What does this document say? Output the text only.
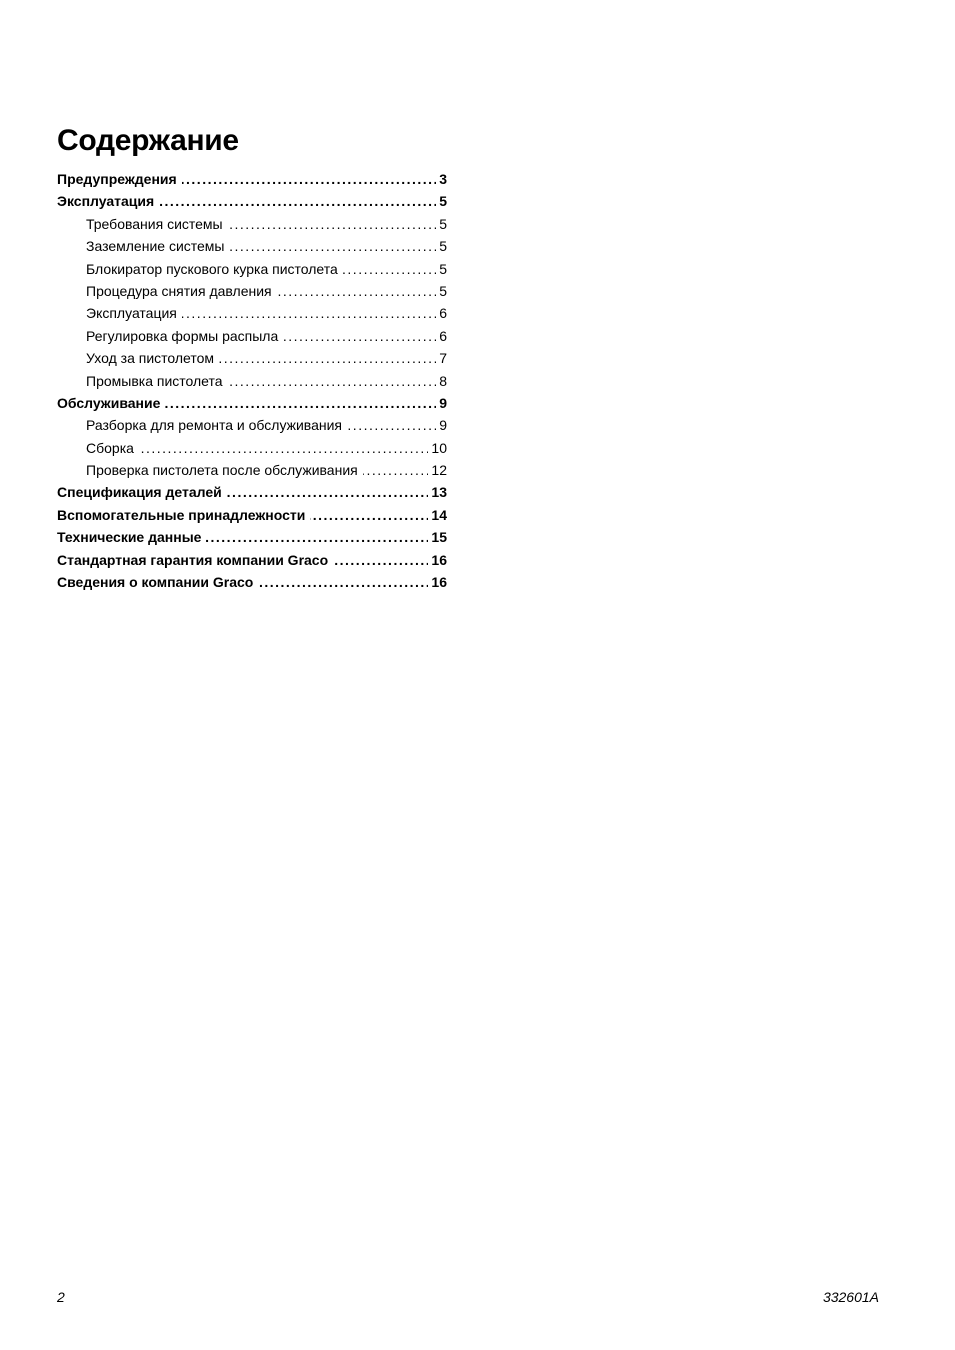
Содержание
Предупреждения . . .	3
Эксплуатация . . .	5
Требования системы . . .	5
Заземление системы . . .	5
Блокиратор пускового курка пистолета . . .	5
Процедура снятия давления . . .	5
Эксплуатация . . .	6
Регулировка формы распыла . . .	6
Уход за пистолетом . . .	7
Промывка пистолета . . .	8
Обслуживание . . .	9
Разборка для ремонта и обслуживания . . .	9
Сборка . . .	10
Проверка пистолета после обслуживания . . .	12
Спецификация деталей . . .	13
Вспомогательные принадлежности . . .	14
Технические данные . . .	15
Стандартная гарантия компании Graco . . .	16
Сведения о компании Graco . . .	16
2	332601A
